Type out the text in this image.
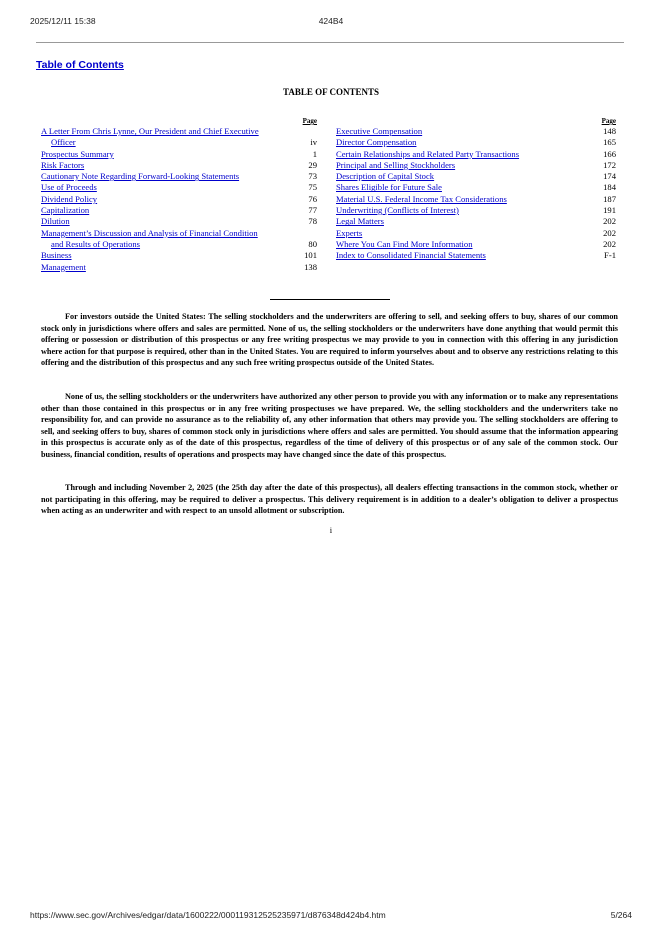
2025/12/11 15:38	424B4
Table of Contents
TABLE OF CONTENTS
Page
A Letter From Chris Lynne, Our President and Chief Executive
Officer	iv
Prospectus Summary	1
Risk Factors	29
Cautionary Note Regarding Forward-Looking Statements	73
Use of Proceeds	75
Dividend Policy	76
Capitalization	77
Dilution	78
Management’s Discussion and Analysis of Financial Condition
and Results of Operations	80
Business	101
Management	138
Page
Executive Compensation	148
Director Compensation	165
Certain Relationships and Related Party Transactions	166
Principal and Selling Stockholders	172
Description of Capital Stock	174
Shares Eligible for Future Sale	184
Material U.S. Federal Income Tax Considerations	187
Underwriting (Conflicts of Interest)	191
Legal Matters	202
Experts	202
Where You Can Find More Information	202
Index to Consolidated Financial Statements	F-1

For investors outside the United States: The selling stockholders and the underwriters are offering to sell, and seeking offers to buy, shares of our common stock only in jurisdictions where offers and sales are permitted. None of us, the selling stockholders or the underwriters have done anything that would permit this offering or possession or distribution of this prospectus or any free writing prospectus we may provide to you in connection with this offering in any jurisdiction where action for that purpose is required, other than in the United States. You are required to inform yourselves about and to observe any restrictions relating to this offering and the distribution of this prospectus and any such free writing prospectus outside of the United States.

None of us, the selling stockholders or the underwriters have authorized any other person to provide you with any information or to make any representations other than those contained in this prospectus or in any free writing prospectuses we have prepared. We, the selling stockholders and the underwriters take no responsibility for, and can provide no assurance as to the reliability of, any other information that others may provide you. The selling stockholders are offering to sell, and seeking offers to buy, shares of common stock only in jurisdictions where offers and sales are permitted. You should assume that the information appearing in this prospectus is accurate only as of the date of this prospectus, regardless of the time of delivery of this prospectus or of any sale of the common stock. Our business, financial condition, results of operations and prospects may have changed since the date of this prospectus.

Through and including November 2, 2025 (the 25th day after the date of this prospectus), all dealers effecting transactions in the common stock, whether or not participating in this offering, may be required to deliver a prospectus. This delivery requirement is in addition to a dealer’s obligation to deliver a prospectus when acting as an underwriter and with respect to an unsold allotment or subscription.

i
https://www.sec.gov/Archives/edgar/data/1600222/000119312525235971/d876348d424b4.htm	5/264
